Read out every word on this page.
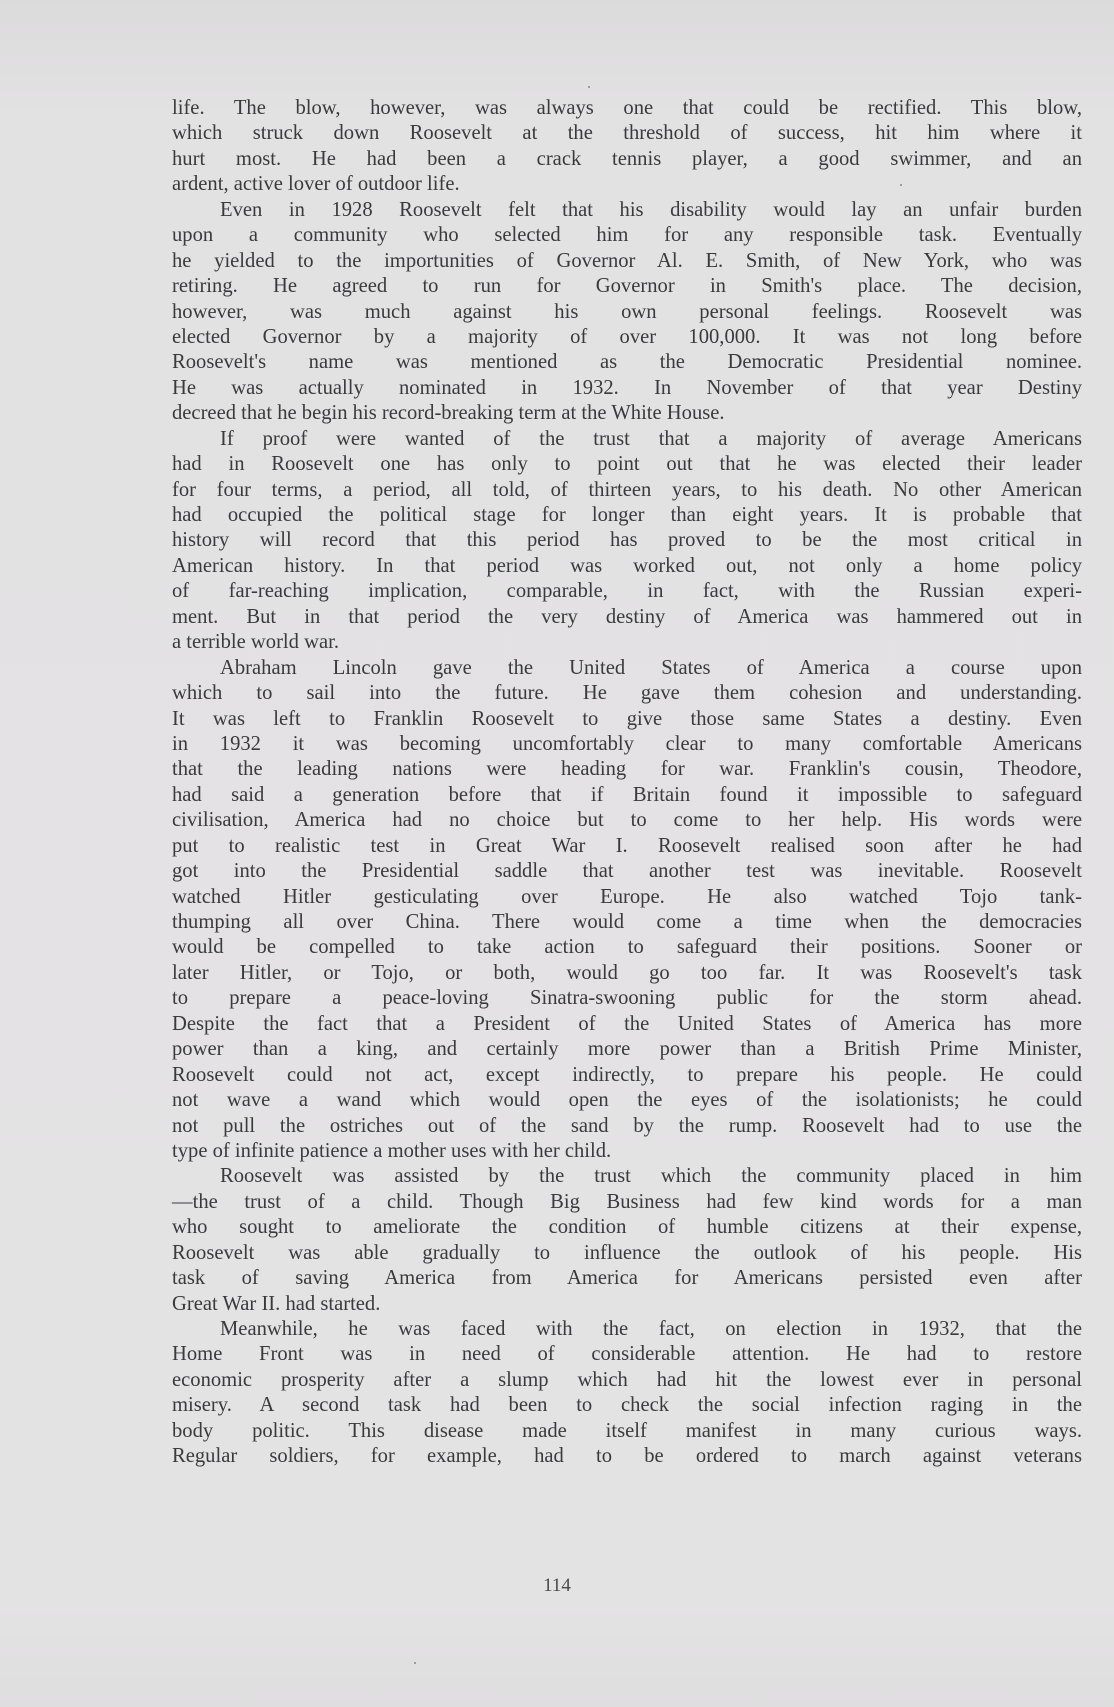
life. The blow, however, was always one that could be rectified. This blow,
which struck down Roosevelt at the threshold of success, hit him where it
hurt most. He had been a crack tennis player, a good swimmer, and an
ardent, active lover of outdoor life.
Even in 1928 Roosevelt felt that his disability would lay an unfair burden
upon a community who selected him for any responsible task. Eventually
he yielded to the importunities of Governor Al. E. Smith, of New York, who was
retiring. He agreed to run for Governor in Smith's place. The decision,
however, was much against his own personal feelings. Roosevelt was
elected Governor by a majority of over 100,000. It was not long before
Roosevelt's name was mentioned as the Democratic Presidential nominee.
He was actually nominated in 1932. In November of that year Destiny
decreed that he begin his record-breaking term at the White House.
If proof were wanted of the trust that a majority of average Americans
had in Roosevelt one has only to point out that he was elected their leader
for four terms, a period, all told, of thirteen years, to his death. No other American
had occupied the political stage for longer than eight years. It is probable that
history will record that this period has proved to be the most critical in
American history. In that period was worked out, not only a home policy
of far-reaching implication, comparable, in fact, with the Russian experi-
ment. But in that period the very destiny of America was hammered out in
a terrible world war.
Abraham Lincoln gave the United States of America a course upon
which to sail into the future. He gave them cohesion and understanding.
It was left to Franklin Roosevelt to give those same States a destiny. Even
in 1932 it was becoming uncomfortably clear to many comfortable Americans
that the leading nations were heading for war. Franklin's cousin, Theodore,
had said a generation before that if Britain found it impossible to safeguard
civilisation, America had no choice but to come to her help. His words were
put to realistic test in Great War I. Roosevelt realised soon after he had
got into the Presidential saddle that another test was inevitable. Roosevelt
watched Hitler gesticulating over Europe. He also watched Tojo tank-
thumping all over China. There would come a time when the democracies
would be compelled to take action to safeguard their positions. Sooner or
later Hitler, or Tojo, or both, would go too far. It was Roosevelt's task
to prepare a peace-loving Sinatra-swooning public for the storm ahead.
Despite the fact that a President of the United States of America has more
power than a king, and certainly more power than a British Prime Minister,
Roosevelt could not act, except indirectly, to prepare his people. He could
not wave a wand which would open the eyes of the isolationists; he could
not pull the ostriches out of the sand by the rump. Roosevelt had to use the
type of infinite patience a mother uses with her child.
Roosevelt was assisted by the trust which the community placed in him
—the trust of a child. Though Big Business had few kind words for a man
who sought to ameliorate the condition of humble citizens at their expense,
Roosevelt was able gradually to influence the outlook of his people. His
task of saving America from America for Americans persisted even after
Great War II. had started.
Meanwhile, he was faced with the fact, on election in 1932, that the
Home Front was in need of considerable attention. He had to restore
economic prosperity after a slump which had hit the lowest ever in personal
misery. A second task had been to check the social infection raging in the
body politic. This disease made itself manifest in many curious ways.
Regular soldiers, for example, had to be ordered to march against veterans
114
